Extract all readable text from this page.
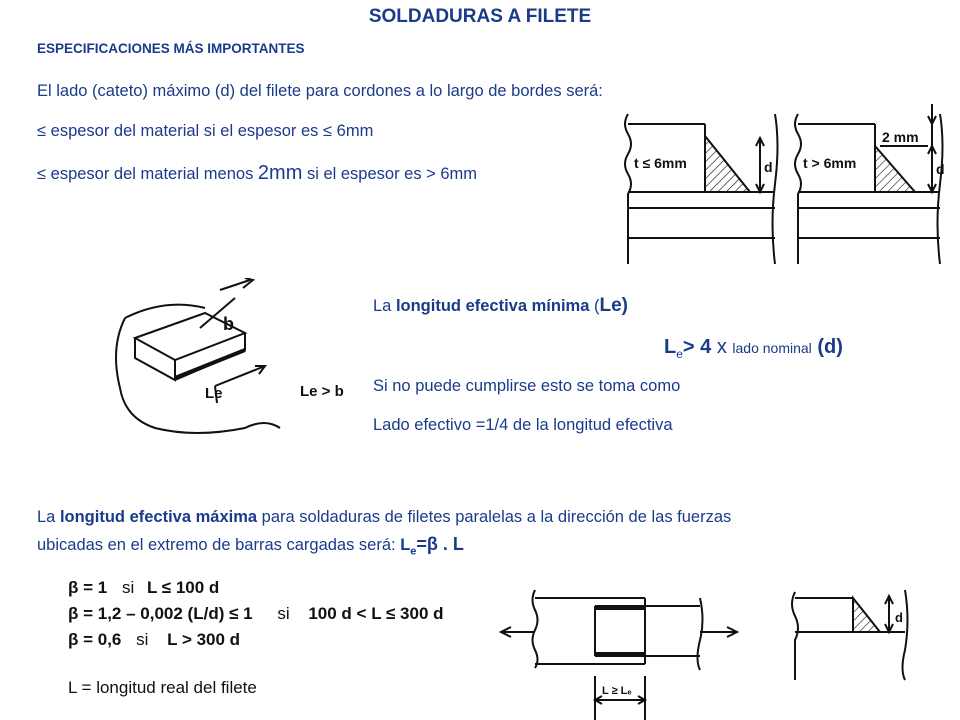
SOLDADURAS A FILETE
ESPECIFICACIONES MÁS IMPORTANTES
El lado (cateto) máximo (d) del filete para cordones a lo largo de bordes será:
≤ espesor del material si el espesor es ≤ 6mm
≤ espesor del material menos 2mm si el espesor es > 6mm
t ≤ 6mm	d t > 6mm
2 mm
d
b
Le	Le > b
La longitud efectiva mínima (Le)
$L_e> 4$ x lado nominal (d)
Si no puede cumplirse esto se toma como
Lado efectivo =1/4 de la longitud efectiva
La longitud efectiva máxima para soldaduras de filetes paralelas a la dirección de las fuerzas
ubicadas en el extremo de barras cargadas será: $L_e=\beta$ . L
β = 1 si L ≤ 100 d
β = 1,2 – 0,002 (L/d) ≤ 1 si 100 d < L ≤ 300 d
β = 0,6 si L > 300 d
L = longitud real del filete	L ≥ Lₑ
d
